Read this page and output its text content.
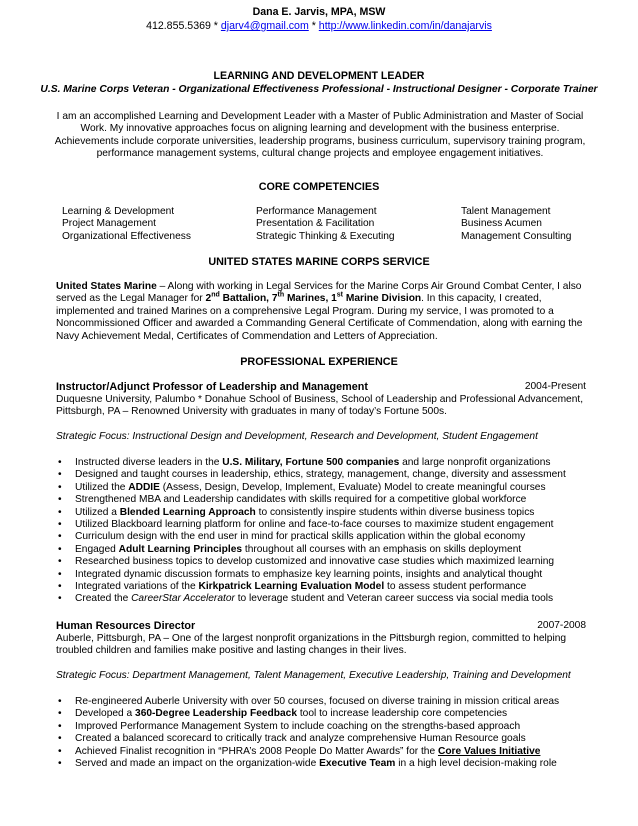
Dana E. Jarvis, MPA, MSW
412.855.5369 * djarv4@gmail.com * http://www.linkedin.com/in/danajarvis
LEARNING AND DEVELOPMENT LEADER
U.S. Marine Corps Veteran - Organizational Effectiveness Professional - Instructional Designer - Corporate Trainer
I am an accomplished Learning and Development Leader with a Master of Public Administration and Master of Social Work. My innovative approaches focus on aligning learning and development with the business enterprise. Achievements include corporate universities, leadership programs, business curriculum, supervisory training program, performance management systems, cultural change projects and employee engagement initiatives.
CORE COMPETENCIES
Learning & Development	Performance Management	Talent Management
Project Management	Presentation & Facilitation	Business Acumen
Organizational Effectiveness	Strategic Thinking & Executing	Management Consulting
UNITED STATES MARINE CORPS SERVICE
United States Marine – Along with working in Legal Services for the Marine Corps Air Ground Combat Center, I also served as the Legal Manager for 2nd Battalion, 7th Marines, 1st Marine Division. In this capacity, I created, implemented and trained Marines on a comprehensive Legal Program. During my service, I was promoted to a Noncommissioned Officer and awarded a Commanding General Certificate of Commendation, along with earning the Navy Achievement Medal, Certificates of Commendation and Letters of Appreciation.
PROFESSIONAL EXPERIENCE
Instructor/Adjunct Professor of Leadership and Management	2004-Present
Duquesne University, Palumbo * Donahue School of Business, School of Leadership and Professional Advancement, Pittsburgh, PA – Renowned University with graduates in many of today’s Fortune 500s.
Strategic Focus: Instructional Design and Development, Research and Development, Student Engagement
• Instructed diverse leaders in the U.S. Military, Fortune 500 companies and large nonprofit organizations
• Designed and taught courses in leadership, ethics, strategy, management, change, diversity and assessment
• Utilized the ADDIE (Assess, Design, Develop, Implement, Evaluate) Model to create meaningful courses
• Strengthened MBA and Leadership candidates with skills required for a competitive global workforce
• Utilized a Blended Learning Approach to consistently inspire students within diverse business topics
• Utilized Blackboard learning platform for online and face-to-face courses to maximize student engagement
• Curriculum design with the end user in mind for practical skills application within the global economy
• Engaged Adult Learning Principles throughout all courses with an emphasis on skills deployment
• Researched business topics to develop customized and innovative case studies which maximized learning
• Integrated dynamic discussion formats to emphasize key learning points, insights and analytical thought
• Integrated variations of the Kirkpatrick Learning Evaluation Model to assess student performance
• Created the CareerStar Accelerator to leverage student and Veteran career success via social media tools
Human Resources Director	2007-2008
Auberle, Pittsburgh, PA – One of the largest nonprofit organizations in the Pittsburgh region, committed to helping troubled children and families make positive and lasting changes in their lives.
Strategic Focus: Department Management, Talent Management, Executive Leadership, Training and Development
• Re-engineered Auberle University with over 50 courses, focused on diverse training in mission critical areas
• Developed a 360-Degree Leadership Feedback tool to increase leadership core competencies
• Improved Performance Management System to include coaching on the strengths-based approach
• Created a balanced scorecard to critically track and analyze comprehensive Human Resource goals
• Achieved Finalist recognition in “PHRA’s 2008 People Do Matter Awards” for the Core Values Initiative
• Served and made an impact on the organization-wide Executive Team in a high level decision-making role
